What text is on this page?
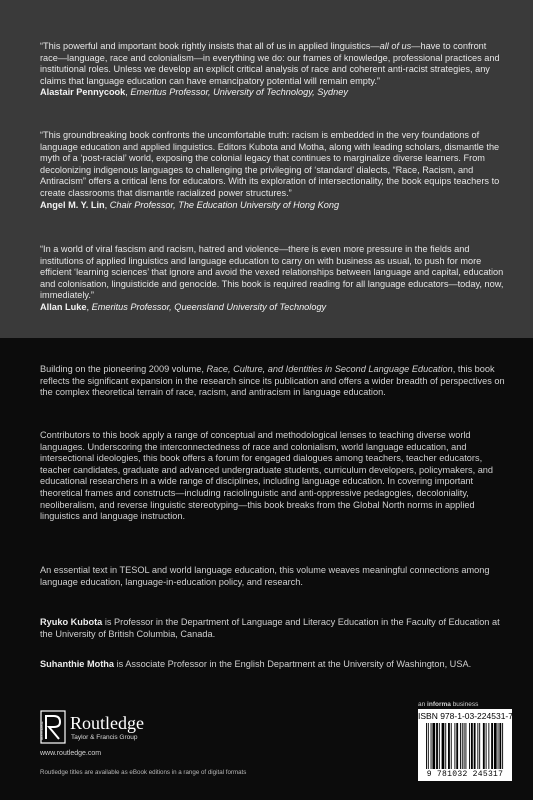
“This powerful and important book rightly insists that all of us in applied linguistics—all of us—have to confront race—language, race and colonialism—in everything we do: our frames of knowledge, professional practices and institutional roles. Unless we develop an explicit critical analysis of race and coherent anti-racist strategies, any claims that language education can have emancipatory potential will remain empty.”

Alastair Pennycook, Emeritus Professor, University of Technology, Sydney

“This groundbreaking book confronts the uncomfortable truth: racism is embedded in the very foundations of language education and applied linguistics. Editors Kubota and Motha, along with leading scholars, dismantle the myth of a ‘post-racial’ world, exposing the colonial legacy that continues to marginalize diverse learners. From decolonizing indigenous languages to challenging the privileging of ‘standard’ dialects, “Race, Racism, and Antiracism” offers a critical lens for educators. With its exploration of intersectionality, the book equips teachers to create classrooms that dismantle racialized power structures.”

Angel M. Y. Lin, Chair Professor, The Education University of Hong Kong

“In a world of viral fascism and racism, hatred and violence—there is even more pressure in the fields and institutions of applied linguistics and language education to carry on with business as usual, to push for more efficient ‘learning sciences’ that ignore and avoid the vexed relationships between language and capital, education and colonisation, linguisticide and genocide. This book is required reading for all language educators—today, now, immediately.”

Allan Luke, Emeritus Professor, Queensland University of Technology

Building on the pioneering 2009 volume, Race, Culture, and Identities in Second Language Education, this book reflects the significant expansion in the research since its publication and offers a wider breadth of perspectives on the complex theoretical terrain of race, racism, and antiracism in language education.

Contributors to this book apply a range of conceptual and methodological lenses to teaching diverse world languages. Underscoring the interconnectedness of race and colonialism, world language education, and intersectional ideologies, this book offers a forum for engaged dialogues among teachers, teacher educators, teacher candidates, graduate and advanced undergraduate students, curriculum developers, policymakers, and educational researchers in a wide range of disciplines, including language education. In covering important theoretical frames and constructs—including raciolinguistic and anti-oppressive pedagogies, decoloniality, neoliberalism, and reverse linguistic stereotyping—this book breaks from the Global North norms in applied linguistics and language instruction.

An essential text in TESOL and world language education, this volume weaves meaningful connections among language education, language-in-education policy, and research.

Ryuko Kubota is Professor in the Department of Language and Literacy Education in the Faculty of Education at the University of British Columbia, Canada.

Suhanthie Motha is Associate Professor in the English Department at the University of Washington, USA.

an informa business
ROUTLEDGE Routledge
Taylor & Francis Group
www.routledge.com
Routledge titles are available as eBook editions in a range of digital formats
ISBN 978-1-03-224531-7
9 781032 245317
